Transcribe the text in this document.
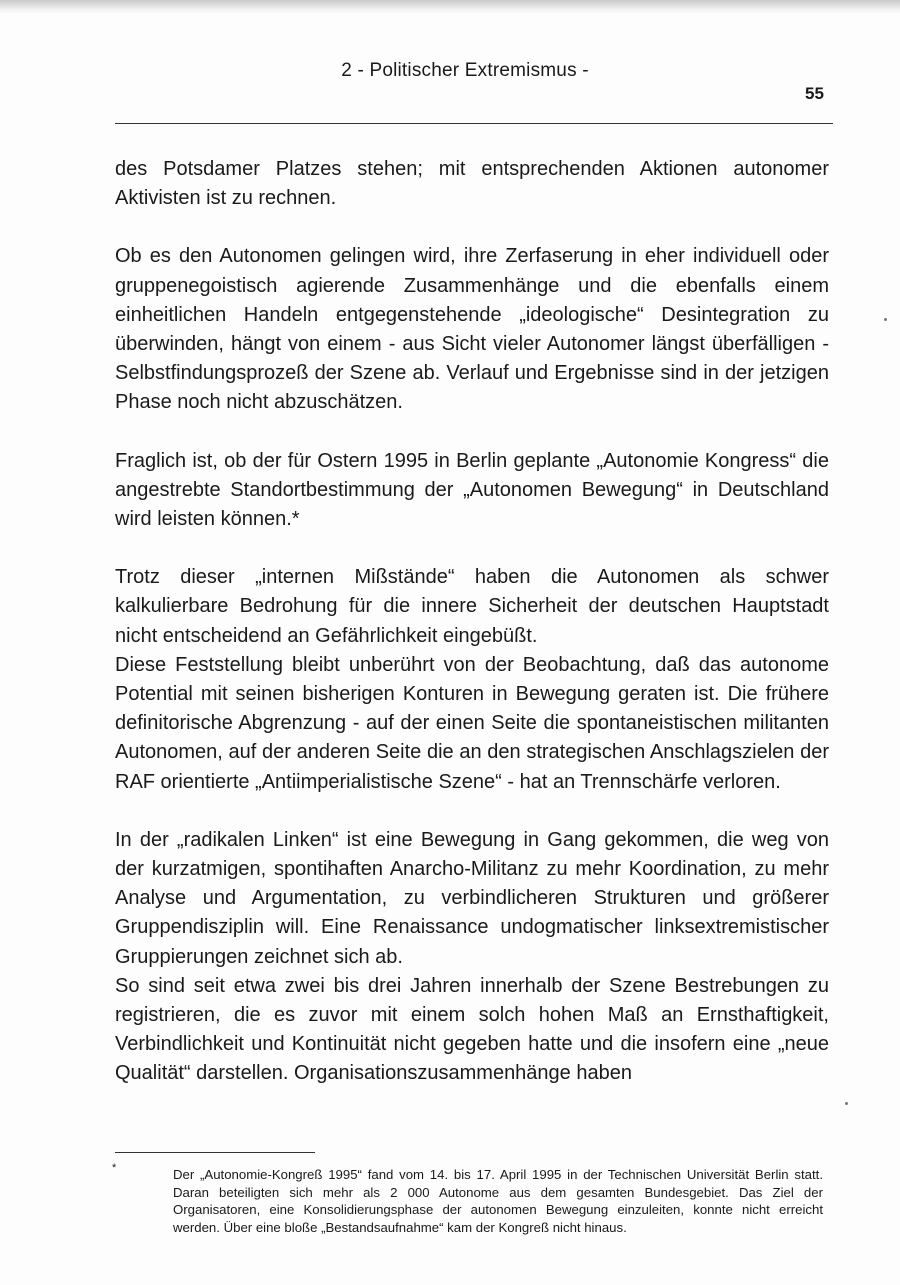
2 - Politischer Extremismus -
55

des Potsdamer Platzes stehen; mit entsprechenden Aktionen autonomer Aktivisten ist zu rechnen.

Ob es den Autonomen gelingen wird, ihre Zerfaserung in eher individuell oder gruppenegoistisch agierende Zusammenhänge und die ebenfalls einem einheitlichen Handeln entgegenstehende „ideologische“ Desintegration zu überwinden, hängt von einem - aus Sicht vieler Autonomer längst überfälligen - Selbstfindungsprozeß der Szene ab. Verlauf und Ergebnisse sind in der jetzigen Phase noch nicht abzuschätzen.

Fraglich ist, ob der für Ostern 1995 in Berlin geplante „Autonomie Kongress“ die angestrebte Standortbestimmung der „Autonomen Bewegung“ in Deutschland wird leisten können.*

Trotz dieser „internen Mißstände“ haben die Autonomen als schwer kalkulierbare Bedrohung für die innere Sicherheit der deutschen Hauptstadt nicht entscheidend an Gefährlichkeit eingebüßt.

Diese Feststellung bleibt unberührt von der Beobachtung, daß das autonome Potential mit seinen bisherigen Konturen in Bewegung geraten ist. Die frühere definitorische Abgrenzung - auf der einen Seite die spontaneistischen militanten Autonomen, auf der anderen Seite die an den strategischen Anschlagszielen der RAF orientierte „Antiimperialistische Szene“ - hat an Trennschärfe verloren.

In der „radikalen Linken“ ist eine Bewegung in Gang gekommen, die weg von der kurzatmigen, spontihaften Anarcho-Militanz zu mehr Koordination, zu mehr Analyse und Argumentation, zu verbindlicheren Strukturen und größerer Gruppendisziplin will. Eine Renaissance undogmatischer linksextremistischer Gruppierungen zeichnet sich ab.

So sind seit etwa zwei bis drei Jahren innerhalb der Szene Bestrebungen zu registrieren, die es zuvor mit einem solch hohen Maß an Ernsthaftigkeit, Verbindlichkeit und Kontinuität nicht gegeben hatte und die insofern eine „neue Qualität“ darstellen. Organisationszusammenhänge haben

*	Der „Autonomie-Kongreß 1995“ fand vom 14. bis 17. April 1995 in der Technischen Universität Berlin statt. Daran beteiligten sich mehr als 2 000 Autonome aus dem gesamten Bundesgebiet. Das Ziel der Organisatoren, eine Konsolidierungsphase der autonomen Bewegung einzuleiten, konnte nicht erreicht werden. Über eine bloße „Bestandsaufnahme“ kam der Kongreß nicht hinaus.
